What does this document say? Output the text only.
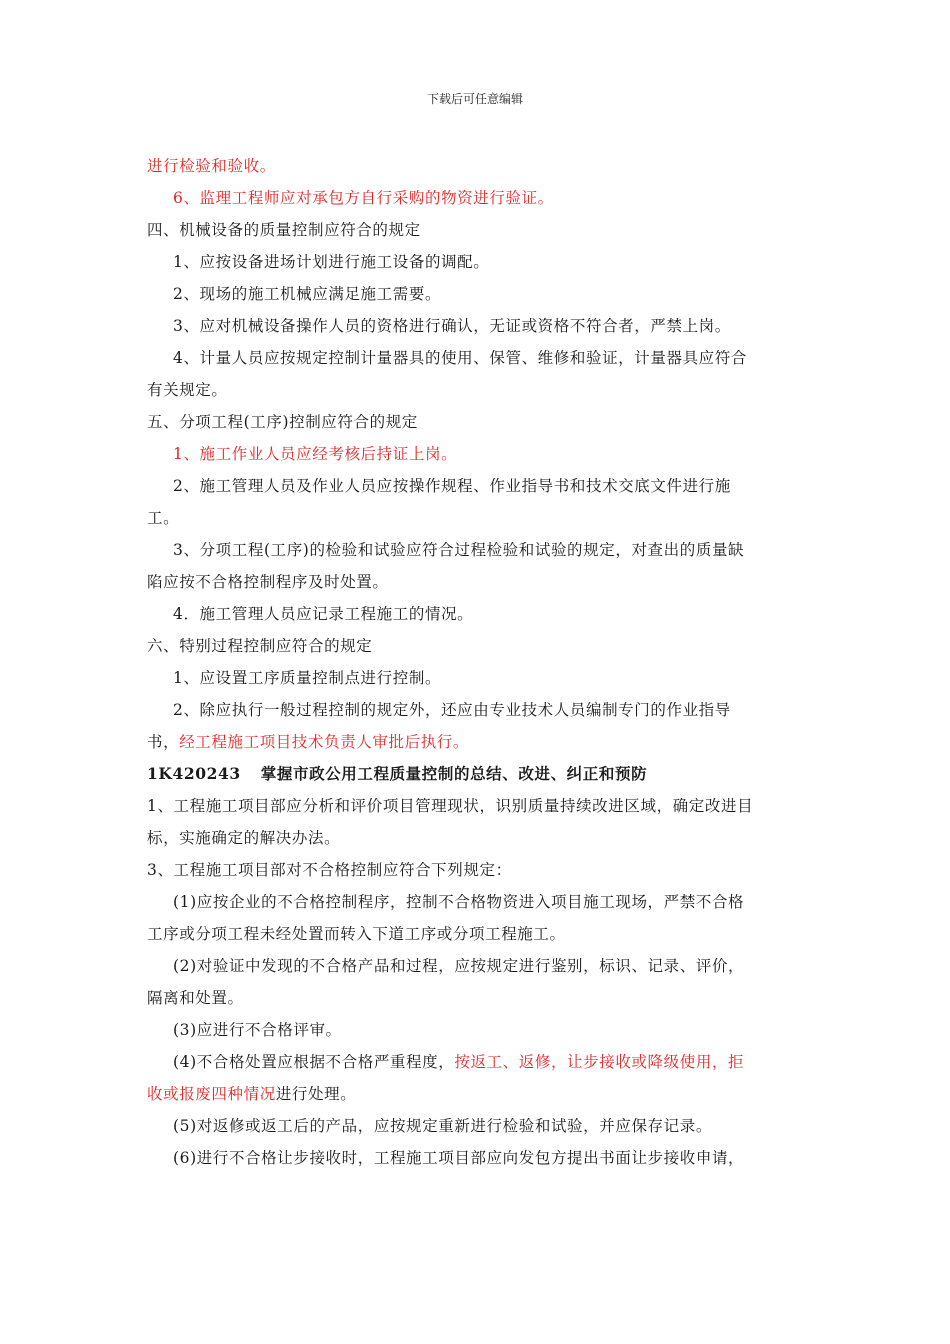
下载后可任意编辑
进行检验和验收。
6、监理工程师应对承包方自行采购的物资进行验证。
四、机械设备的质量控制应符合的规定
1、应按设备进场计划进行施工设备的调配。
2、现场的施工机械应满足施工需要。
3、应对机械设备操作人员的资格进行确认，无证或资格不符合者，严禁上岗。
4、计量人员应按规定控制计量器具的使用、保管、维修和验证，计量器具应符合
有关规定。
五、分项工程(工序)控制应符合的规定
1、施工作业人员应经考核后持证上岗。
2、施工管理人员及作业人员应按操作规程、作业指导书和技术交底文件进行施
工。
3、分项工程(工序)的检验和试验应符合过程检验和试验的规定，对查出的质量缺
陷应按不合格控制程序及时处置。
4．施工管理人员应记录工程施工的情况。
六、特别过程控制应符合的规定
1、应设置工序质量控制点进行控制。
2、除应执行一般过程控制的规定外，还应由专业技术人员编制专门的作业指导
书，经工程施工项目技术负责人审批后执行。
1K420243 掌握市政公用工程质量控制的总结、改进、纠正和预防
1、工程施工项目部应分析和评价项目管理现状，识别质量持续改进区域，确定改进目
标，实施确定的解决办法。
3、工程施工项目部对不合格控制应符合下列规定：
(1)应按企业的不合格控制程序，控制不合格物资进入项目施工现场，严禁不合格
工序或分项工程未经处置而转入下道工序或分项工程施工。
(2)对验证中发现的不合格产品和过程，应按规定进行鉴别，标识、记录、评价，
隔离和处置。
(3)应进行不合格评审。
(4)不合格处置应根据不合格严重程度，按返工、返修，让步接收或降级使用，拒
收或报废四种情况进行处理。
(5)对返修或返工后的产品，应按规定重新进行检验和试验，并应保存记录。
(6)进行不合格让步接收时，工程施工项目部应向发包方提出书面让步接收申请，
